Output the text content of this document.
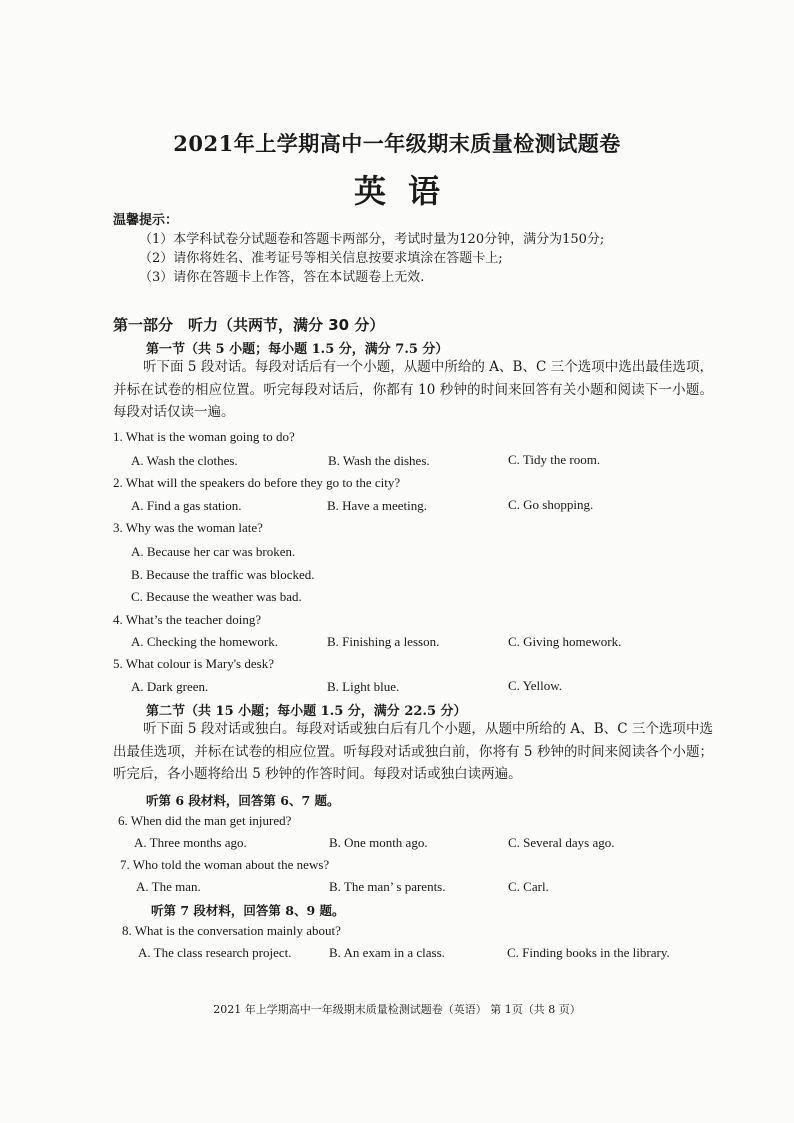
2021年上学期高中一年级期末质量检测试题卷
英语
温馨提示：
（1）本学科试卷分试题卷和答题卡两部分，考试时量为120分钟，满分为150分;
（2）请你将姓名、准考证号等相关信息按要求填涂在答题卡上;
（3）请你在答题卡上作答，答在本试题卷上无效.
第一部分　听力（共两节，满分 30 分）
第一节（共 5 小题；每小题 1.5 分，满分 7.5 分）
听下面 5 段对话。每段对话后有一个小题，从题中所给的 A、B、C 三个选项中选出最佳选项，并标在试卷的相应位置。听完每段对话后，你都有 10 秒钟的时间来回答有关小题和阅读下一小题。每段对话仅读一遍。
1. What is the woman going to do?
A. Wash the clothes.	B. Wash the dishes.	C. Tidy the room.
2. What will the speakers do before they go to the city?
A. Find a gas station.	B. Have a meeting.	C. Go shopping.
3. Why was the woman late?
A. Because her car was broken.
B. Because the traffic was blocked.
C. Because the weather was bad.
4. What’s the teacher doing?
A. Checking the homework.	B. Finishing a lesson.	C. Giving homework.
5. What colour is Mary's desk?
A. Dark green.	B. Light blue.	C. Yellow.
第二节（共 15 小题；每小题 1.5 分，满分 22.5 分）
听下面 5 段对话或独白。每段对话或独白后有几个小题，从题中所给的 A、B、C 三个选项中选出最佳选项，并标在试卷的相应位置。听每段对话或独白前，你将有 5 秒钟的时间来阅读各个小题；听完后，各小题将给出 5 秒钟的作答时间。每段对话或独白读两遍。
听第 6 段材料，回答第 6、7 题。
6. When did the man get injured?
A. Three months ago.	B. One month ago.	C. Several days ago.
7. Who told the woman about the news?
A. The man.	B. The man’ s parents.	C. Carl.
听第 7 段材料，回答第 8、9 题。
8. What is the conversation mainly about?
A. The class research project.	B. An exam in a class.	C. Finding books in the library.
2021 年上学期高中一年级期末质量检测试题卷（英语） 第 1页（共 8 页）
